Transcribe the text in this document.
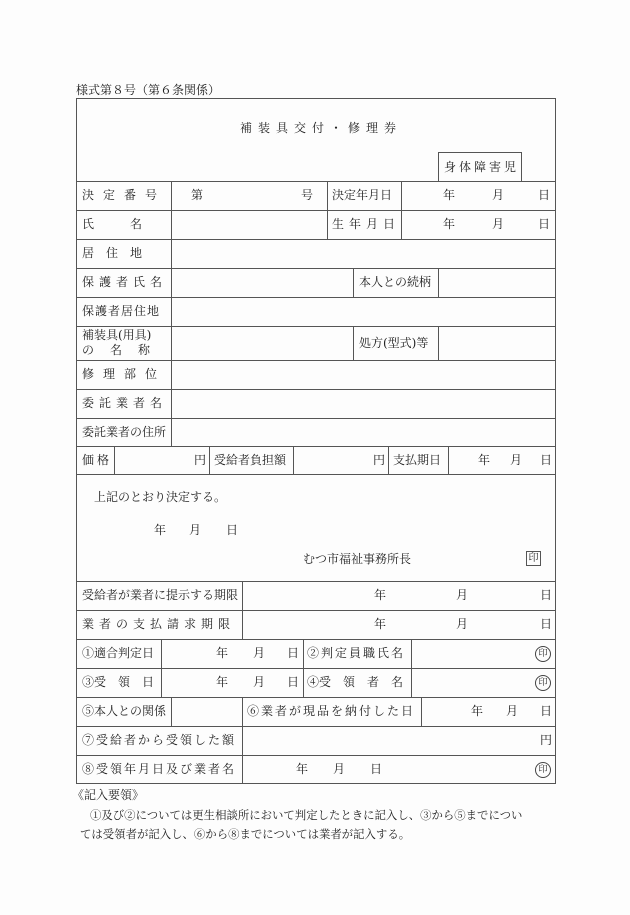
様式第８号（第６条関係）
補装具交付・修理券
身体障害児
決定番号 第	号 決定年月日	年	月	日
氏　　　名	生年月日	年	月	日
居　住　地
保護者氏名	本人との続柄
保護者居住地
補装具(用具)
の　名　称	処方(型式)等
修理部位
委託業者名
委託業者の住所
価格	円 受給者負担額	円 支払期日	年 月 日
上記のとおり決定する。
年 月 日
むつ市福祉事務所長	印
受給者が業者に提示する期限	年	月	日
業者の支払請求期限	年	月	日
①適合判定日	年 月 日 ②判定員職氏名	印
③受　領　日	年 月 日 ④受　領　者　名	印
⑤本人との関係	⑥業者が現品を納付した日	年 月 日
⑦受給者から受領した額	円
⑧受領年月日及び業者名	年 月 日	印
《記入要領》
①及び②については更生相談所において判定したときに記入し、③から⑤までについ
ては受領者が記入し、⑥から⑧までについては業者が記入する。
